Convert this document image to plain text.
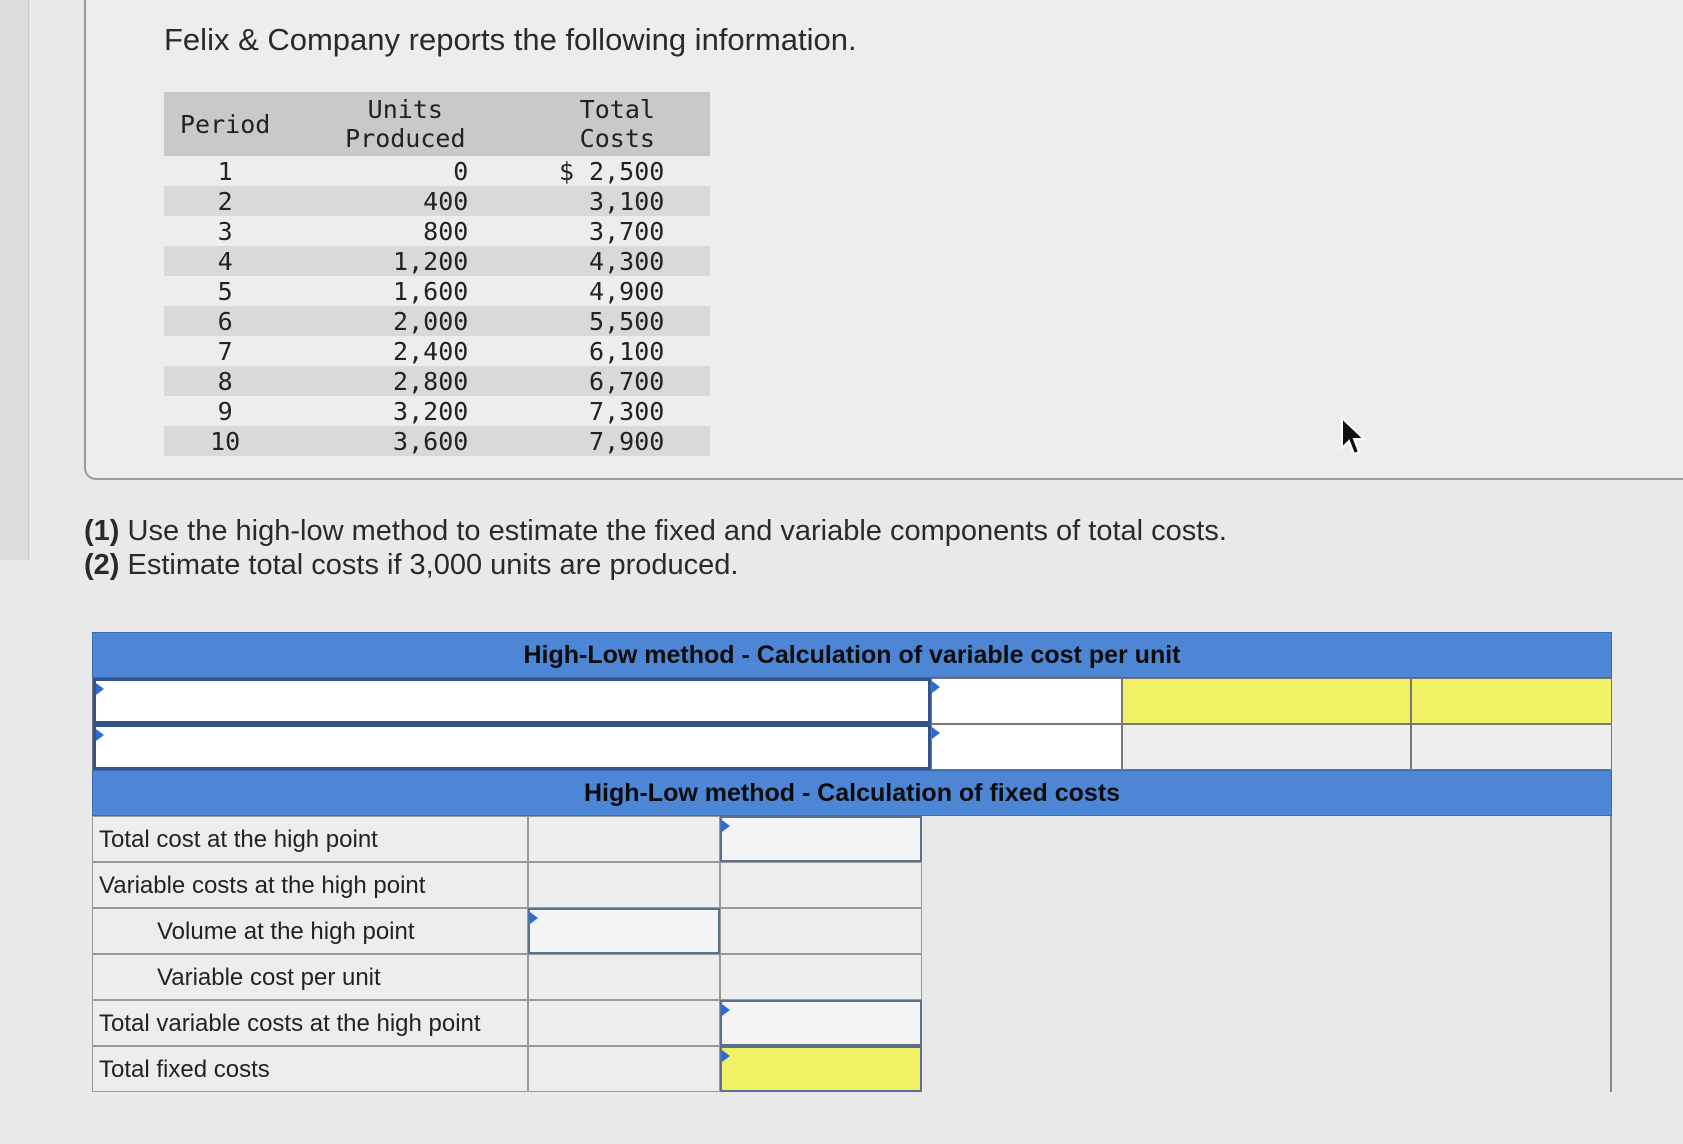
Felix & Company reports the following information.
Period	Units Produced	Total Costs
1	0	$ 2,500
2	400	3,100
3	800	3,700
4	1,200	4,300
5	1,600	4,900
6	2,000	5,500
7	2,400	6,100
8	2,800	6,700
9	3,200	7,300
10	3,600	7,900
(1) Use the high-low method to estimate the fixed and variable components of total costs.
(2) Estimate total costs if 3,000 units are produced.
High-Low method - Calculation of variable cost per unit
High-Low method - Calculation of fixed costs
Total cost at the high point
Variable costs at the high point
Volume at the high point
Variable cost per unit
Total variable costs at the high point
Total fixed costs
